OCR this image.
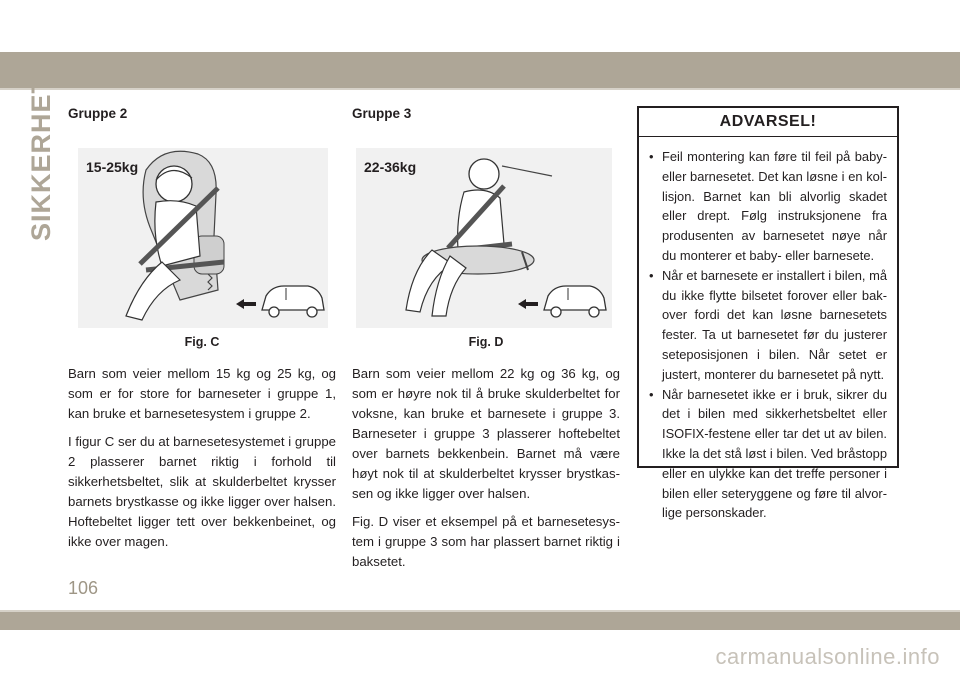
SIKKERHET Gruppe 2
15-25kg
Fig. C

Barn som veier mellom 15 kg og 25 kg, og som er for store for barneseter i gruppe 1, kan bruke et barnesetesystem i gruppe 2.

I figur C ser du at barnesetesystemet i gruppe 2 plasserer barnet riktig i forhold til sikkerhetsbeltet, slik at skulderbeltet krysser barnets brystkasse og ikke ligger over halsen. Hoftebeltet ligger tett over bekkenbeinet, og ikke over magen.

Gruppe 3
22-36kg
Fig. D

Barn som veier mellom 22 kg og 36 kg, og som er høyre nok til å bruke skulderbeltet for voksne, kan bruke et barnesete i gruppe 3. Barneseter i gruppe 3 plasserer hoftebeltet over barnets bekkenbein. Barnet må være høyt nok til at skulderbeltet krysser brystkassen og ikke ligger over halsen.

Fig. D viser et eksempel på et barnesetesystem i gruppe 3 som har plassert barnet riktig i baksetet.

ADVARSEL!
• Feil montering kan føre til feil på baby- eller barnesetet. Det kan løsne i en kollisjon. Barnet kan bli alvorlig skadet eller drept. Følg instruksjonene fra produsenten av barnesetet nøye når du monterer et baby- eller barnesete.
• Når et barnesete er installert i bilen, må du ikke flytte bilsetet forover eller bakover fordi det kan løsne barnesetets fester. Ta ut barnesetet før du justerer seteposisjonen i bilen. Når setet er justert, monterer du barnesetet på nytt.
• Når barnesetet ikke er i bruk, sikrer du det i bilen med sikkerhetsbeltet eller ISOFIX-festene eller tar det ut av bilen. Ikke la det stå løst i bilen. Ved bråstopp eller en ulykke kan det treffe personer i bilen eller seteryggene og føre til alvorlige personskader.
106
carmanualsonline.info
